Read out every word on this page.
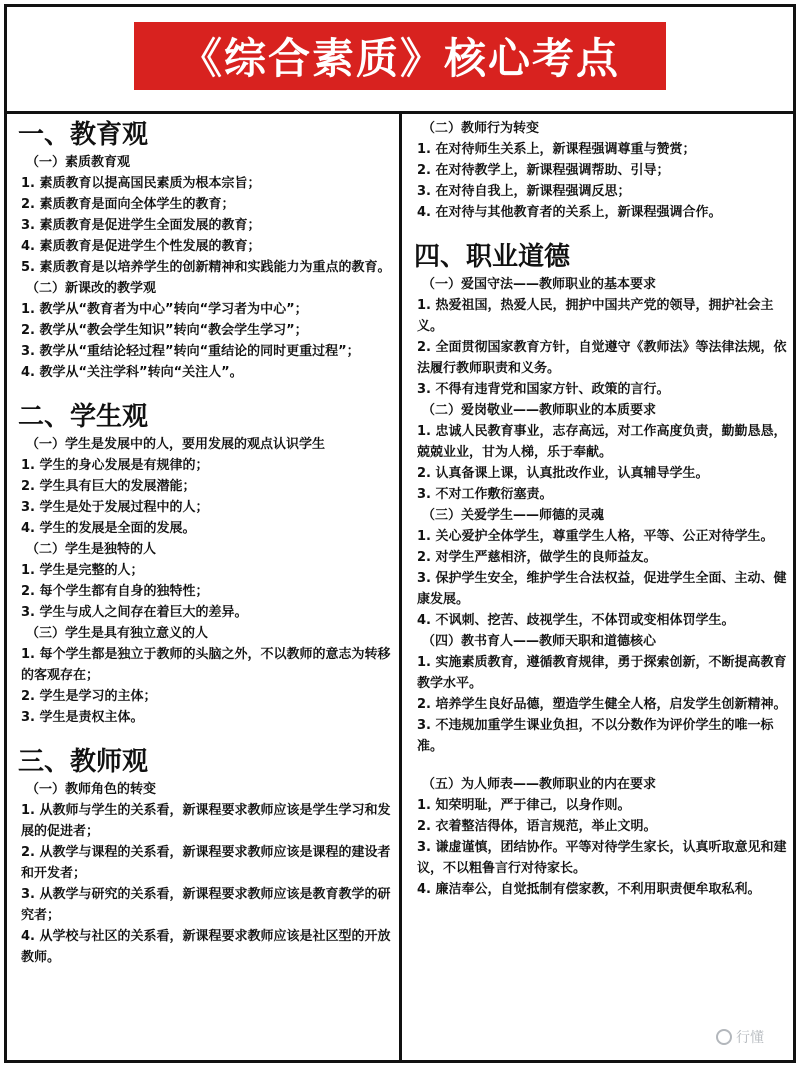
《综合素质》核心考点
一、教育观
（一）素质教育观
1. 素质教育以提高国民素质为根本宗旨；
2. 素质教育是面向全体学生的教育；
3. 素质教育是促进学生全面发展的教育；
4. 素质教育是促进学生个性发展的教育；
5. 素质教育是以培养学生的创新精神和实践能力为重点的教育。
（二）新课改的教学观
1. 教学从“教育者为中心”转向“学习者为中心”；
2. 教学从“教会学生知识”转向“教会学生学习”；
3. 教学从“重结论轻过程”转向“重结论的同时更重过程”；
4. 教学从“关注学科”转向“关注人”。
二、学生观
（一）学生是发展中的人，要用发展的观点认识学生
1. 学生的身心发展是有规律的；
2. 学生具有巨大的发展潜能；
3. 学生是处于发展过程中的人；
4. 学生的发展是全面的发展。
（二）学生是独特的人
1. 学生是完整的人；
2. 每个学生都有自身的独特性；
3. 学生与成人之间存在着巨大的差异。
（三）学生是具有独立意义的人
1. 每个学生都是独立于教师的头脑之外，不以教师的意志为转移的客观存在；
2. 学生是学习的主体；
3. 学生是责权主体。
三、教师观
（一）教师角色的转变
1. 从教师与学生的关系看，新课程要求教师应该是学生学习和发展的促进者；
2. 从教学与课程的关系看，新课程要求教师应该是课程的建设者和开发者；
3. 从教学与研究的关系看，新课程要求教师应该是教育教学的研究者；
4. 从学校与社区的关系看，新课程要求教师应该是社区型的开放教师。
（二）教师行为转变
1. 在对待师生关系上，新课程强调尊重与赞赏；
2. 在对待教学上，新课程强调帮助、引导；
3. 在对待自我上，新课程强调反思；
4. 在对待与其他教育者的关系上，新课程强调合作。
四、职业道德
（一）爱国守法——教师职业的基本要求
1. 热爱祖国，热爱人民，拥护中国共产党的领导，拥护社会主义。
2. 全面贯彻国家教育方针，自觉遵守《教师法》等法律法规，依法履行教师职责和义务。
3. 不得有违背党和国家方针、政策的言行。
（二）爱岗敬业——教师职业的本质要求
1. 忠诚人民教育事业，志存高远，对工作高度负责，勤勤恳恳，兢兢业业，甘为人梯，乐于奉献。
2. 认真备课上课，认真批改作业，认真辅导学生。
3. 不对工作敷衍塞责。
（三）关爱学生——师德的灵魂
1. 关心爱护全体学生，尊重学生人格，平等、公正对待学生。
2. 对学生严慈相济，做学生的良师益友。
3. 保护学生安全，维护学生合法权益，促进学生全面、主动、健康发展。
4. 不讽刺、挖苦、歧视学生，不体罚或变相体罚学生。
（四）教书育人——教师天职和道德核心
1. 实施素质教育，遵循教育规律，勇于探索创新，不断提高教育教学水平。
2. 培养学生良好品德，塑造学生健全人格，启发学生创新精神。
3. 不违规加重学生课业负担，不以分数作为评价学生的唯一标准。
（五）为人师表——教师职业的内在要求
1. 知荣明耻，严于律己，以身作则。
2. 衣着整洁得体，语言规范，举止文明。
3. 谦虚谨慎，团结协作。平等对待学生家长，认真听取意见和建议，不以粗鲁言行对待家长。
4. 廉洁奉公，自觉抵制有偿家教，不利用职责便牟取私利。
行懂
